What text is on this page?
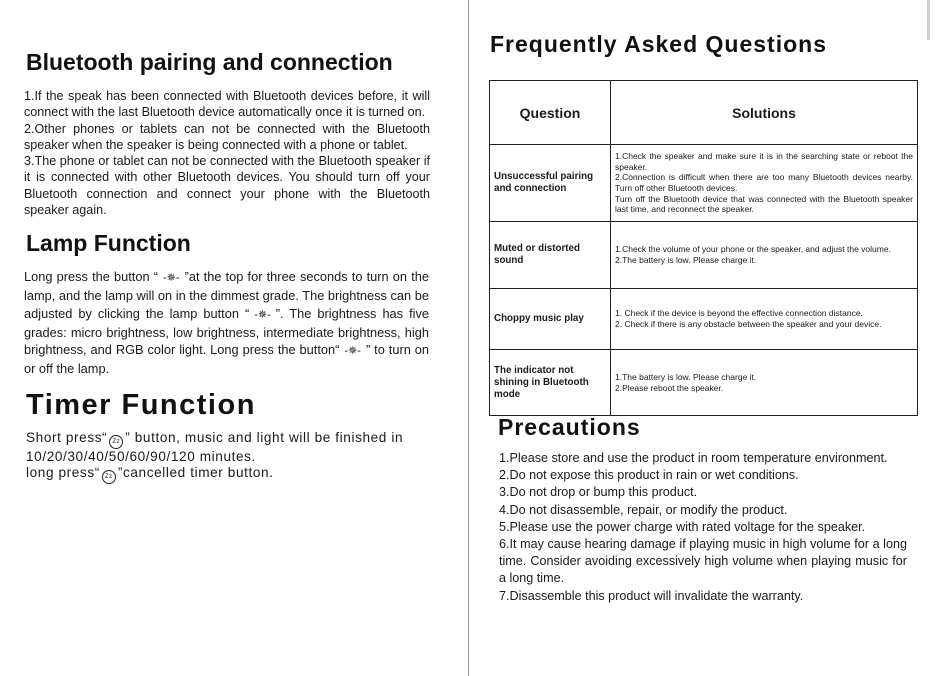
Bluetooth pairing and connection

1.If the speak has been connected with Bluetooth devices before, it will connect with the last Bluetooth device automatically once it is turned on.

2.Other phones or tablets can not be connected with the Bluetooth speaker when the speaker is being connected with a phone or tablet.

3.The phone or tablet can not be connected with the Bluetooth speaker if it is connected with other Bluetooth devices. You should turn off your Bluetooth connection and connect your phone with the Bluetooth speaker again.

Lamp Function
Long press the button “ -✵- ”at the top for three seconds to turn on the lamp, and the lamp will on in the dimmest grade. The brightness can be adjusted by clicking the lamp button “ -✵- ”. The brightness has five grades: micro brightness, low brightness, intermediate brightness, high brightness, and RGB color light. Long press the button“ -✵- ” to turn on or off the lamp.
Timer Function
Short press“ Zz ” button, music and light will be finished in 10/20/30/40/50/60/90/120 minutes.
long press“ Zz ”cancelled timer button.
Frequently Asked Questions
Question	Solutions
Unsuccessful pairing and connection	1.Check the speaker and make sure it is in the searching state or reboot the speaker.
2.Connection is difficult when there are too many Bluetooth devices nearby. Turn off other Bluetooth devices.
Turn off the Bluetooth device that was connected with the Bluetooth speaker last time, and reconnect the speaker.

Muted or distorted sound	1.Check the volume of your phone or the speaker, and adjust the volume.
2.The battery is low. Please charge it.

Choppy music play	1. Check if the device is beyond the effective connection distance.
2. Check if there is any obstacle between the speaker and your device.

The indicator not shining in Bluetooth mode	1.The battery is low. Please charge it.
2.Please reboot the speaker.
Precautions
1.Please store and use the product in room temperature environment.
2.Do not expose this product in rain or wet conditions.
3.Do not drop or bump this product.
4.Do not disassemble, repair, or modify the product.
5.Please use the power charge with rated voltage for the speaker.
6.It may cause hearing damage if playing music in high volume for a long time. Consider avoiding excessively high volume when playing music for a long time.
7.Disassemble this product will invalidate the warranty.
